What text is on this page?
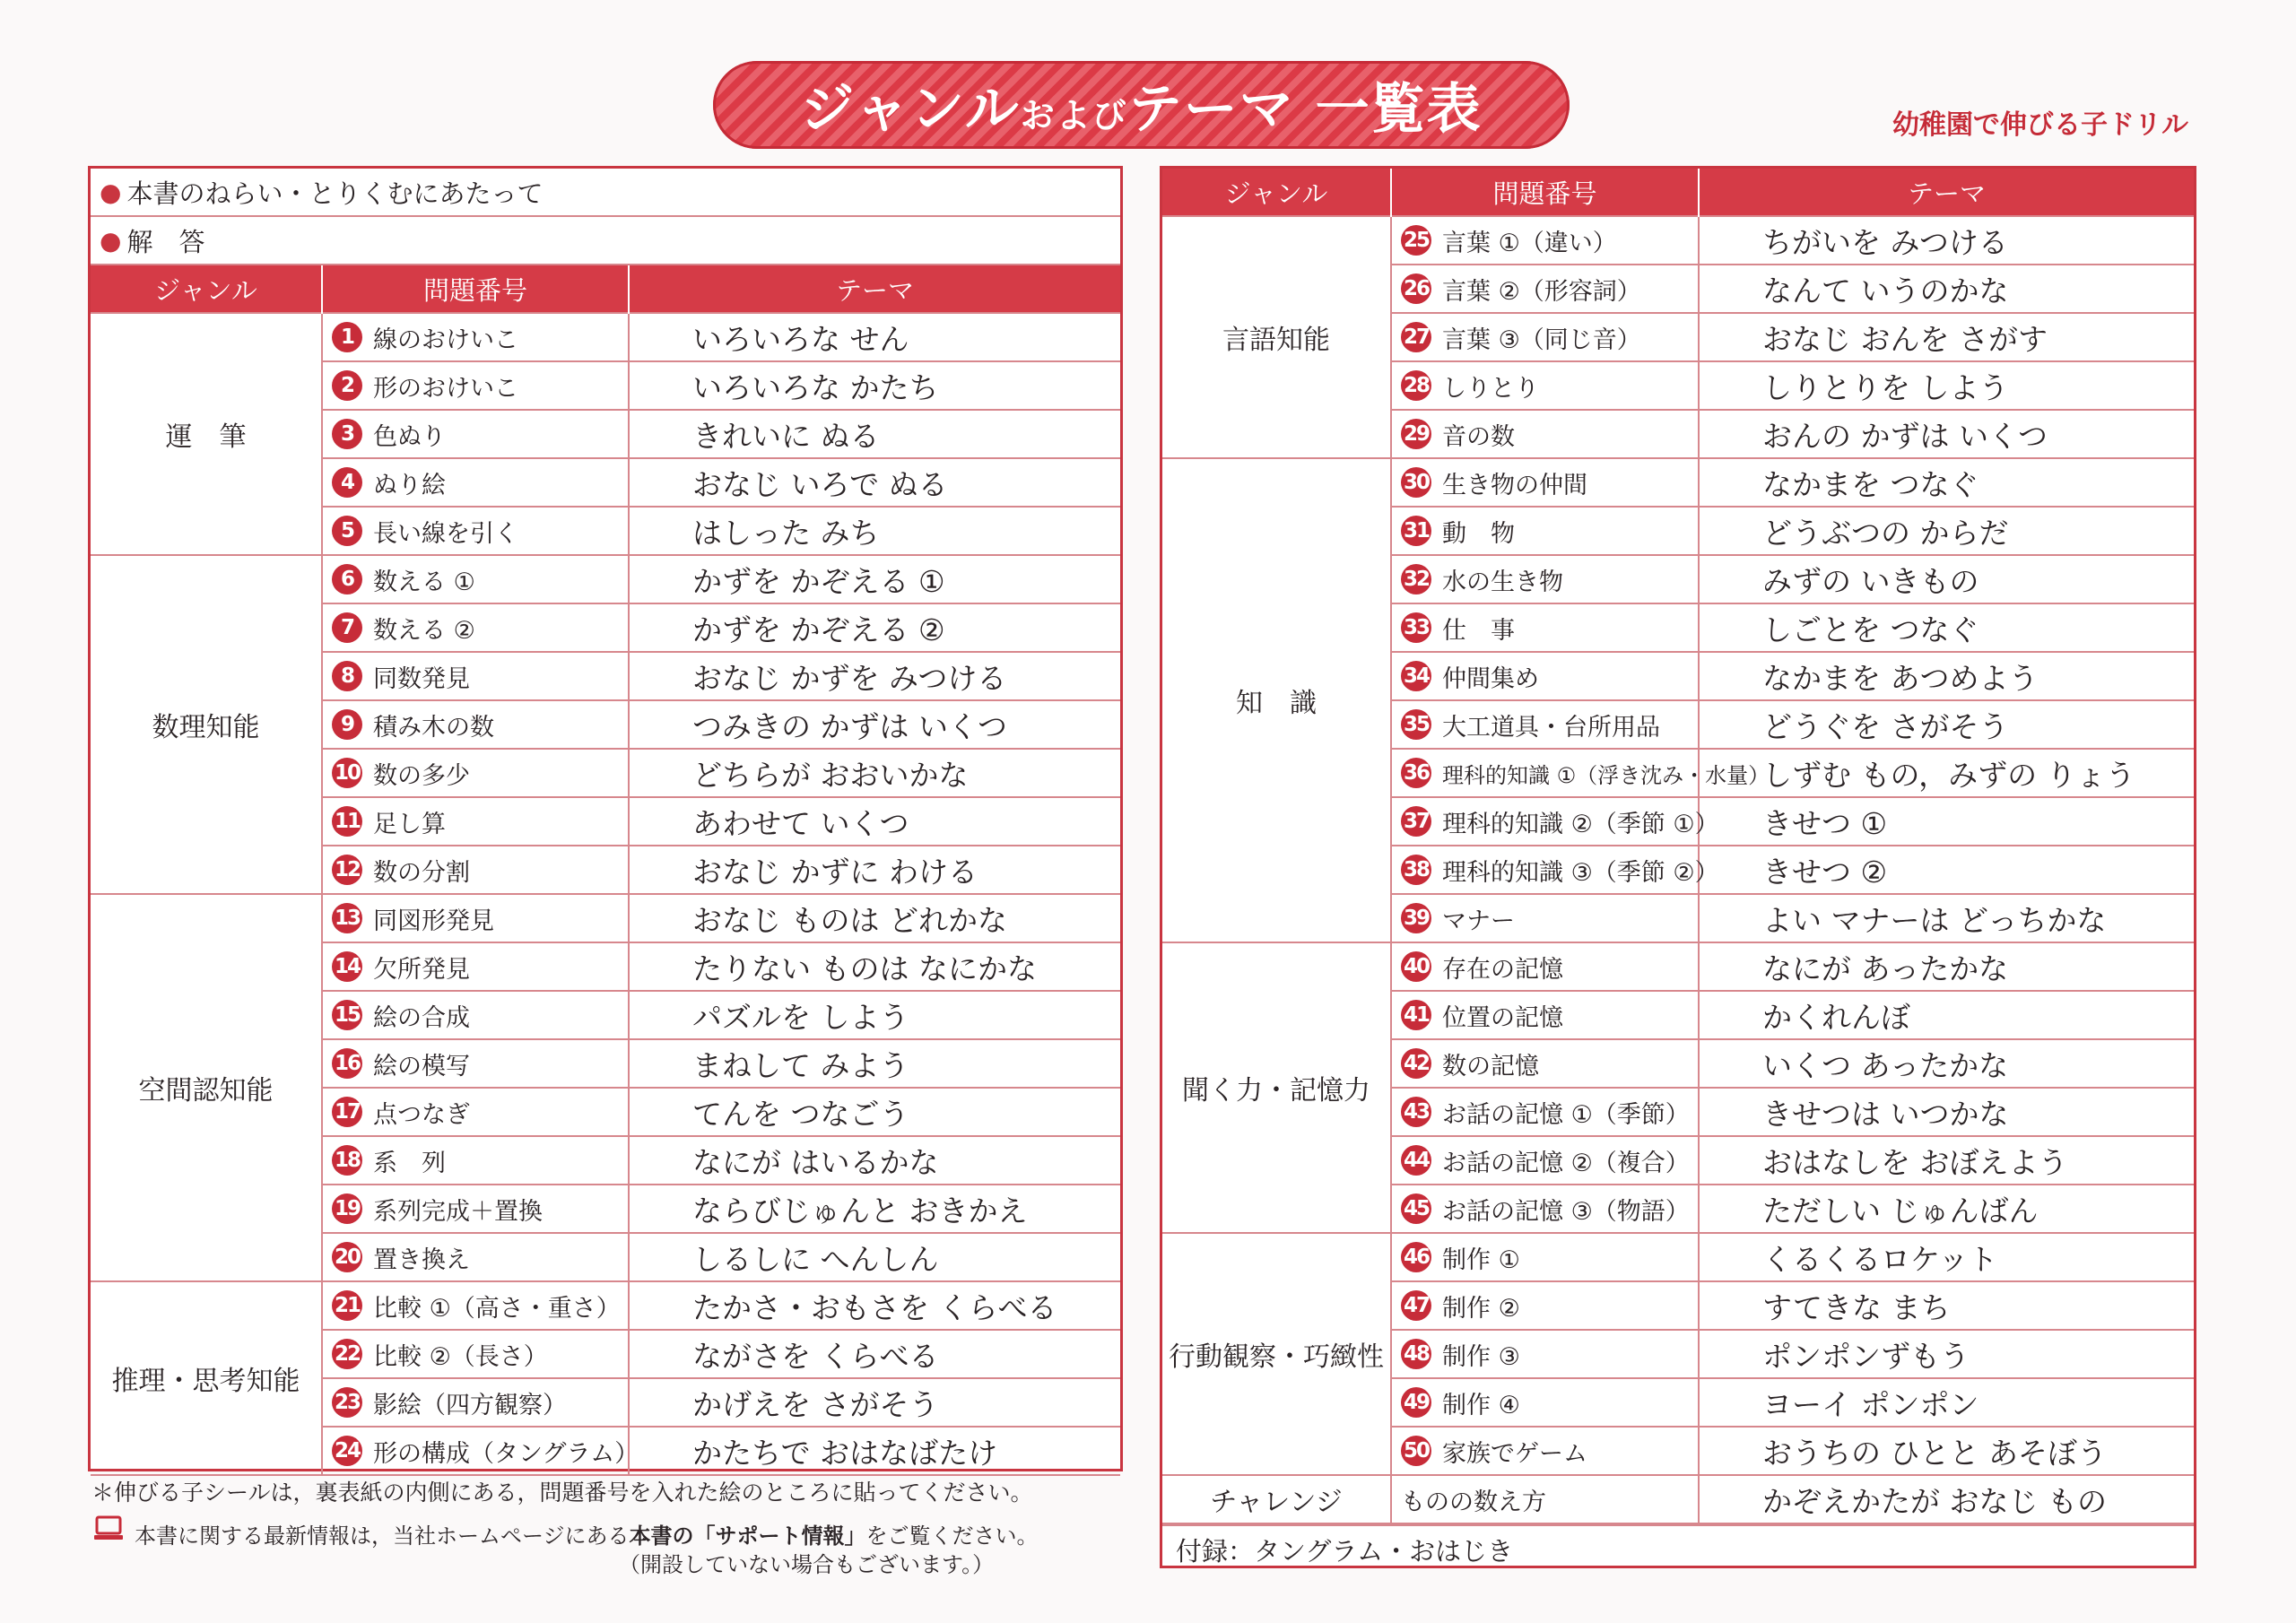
ジャンルおよびテーマ 一覧表	幼稚園で伸びる子ドリル
● 本書のねらい・とりくむにあたって
● 解　答
ジャンル	問題番号	テーマ
運　筆	1 線のおけいこ	いろいろな せん
	2 形のおけいこ	いろいろな かたち
	3 色ぬり	きれいに ぬる
	4 ぬり絵	おなじ いろで ぬる
	5 長い線を引く	はしった みち
数理知能	6 数える ①	かずを かぞえる ①
	7 数える ②	かずを かぞえる ②
	8 同数発見	おなじ かずを みつける
	9 積み木の数	つみきの かずは いくつ
	10 数の多少	どちらが おおいかな
	11 足し算	あわせて いくつ
	12 数の分割	おなじ かずに わける
空間認知能	13 同図形発見	おなじ ものは どれかな
	14 欠所発見	たりない ものは なにかな
	15 絵の合成	パズルを しよう
	16 絵の模写	まねして みよう
	17 点つなぎ	てんを つなごう
	18 系　列	なにが はいるかな
	19 系列完成＋置換	ならびじゅんと おきかえ
	20 置き換え	しるしに へんしん
推理・思考知能	21 比較 ①（高さ・重さ）	たかさ・おもさを くらべる
	22 比較 ②（長さ）	ながさを くらべる
	23 影絵（四方観察）	かげえを さがそう
	24 形の構成（タングラム）	かたちで おはなばたけ
ジャンル	問題番号	テーマ
言語知能	25 言葉 ①（違い）	ちがいを みつける
	26 言葉 ②（形容詞）	なんて いうのかな
	27 言葉 ③（同じ音）	おなじ おんを さがす
	28 しりとり	しりとりを しよう
	29 音の数	おんの かずは いくつ
知　識	30 生き物の仲間	なかまを つなぐ
	31 動　物	どうぶつの からだ
	32 水の生き物	みずの いきもの
	33 仕　事	しごとを つなぐ
	34 仲間集め	なかまを あつめよう
	35 大工道具・台所用品	どうぐを さがそう
	36 理科的知識 ①（浮き沈み・水量）	しずむ もの，みずの りょう
	37 理科的知識 ②（季節 ①）	きせつ ①
	38 理科的知識 ③（季節 ②）	きせつ ②
	39 マナー	よい マナーは どっちかな
聞く力・記憶力	40 存在の記憶	なにが あったかな
	41 位置の記憶	かくれんぼ
	42 数の記憶	いくつ あったかな
	43 お話の記憶 ①（季節）	きせつは いつかな
	44 お話の記憶 ②（複合）	おはなしを おぼえよう
	45 お話の記憶 ③（物語）	ただしい じゅんばん
行動観察・巧緻性	46 制作 ①	くるくるロケット
	47 制作 ②	すてきな まち
	48 制作 ③	ポンポンずもう
	49 制作 ④	ヨーイ ポンポン
	50 家族でゲーム	おうちの ひとと あそぼう
チャレンジ	ものの数え方	かぞえかたが おなじ もの
付録：タングラム・おはじき
＊伸びる子シールは，裏表紙の内側にある，問題番号を入れた絵のところに貼ってください。
本書に関する最新情報は，当社ホームページにある本書の「サポート情報」をご覧ください。
（開設していない場合もございます。）
